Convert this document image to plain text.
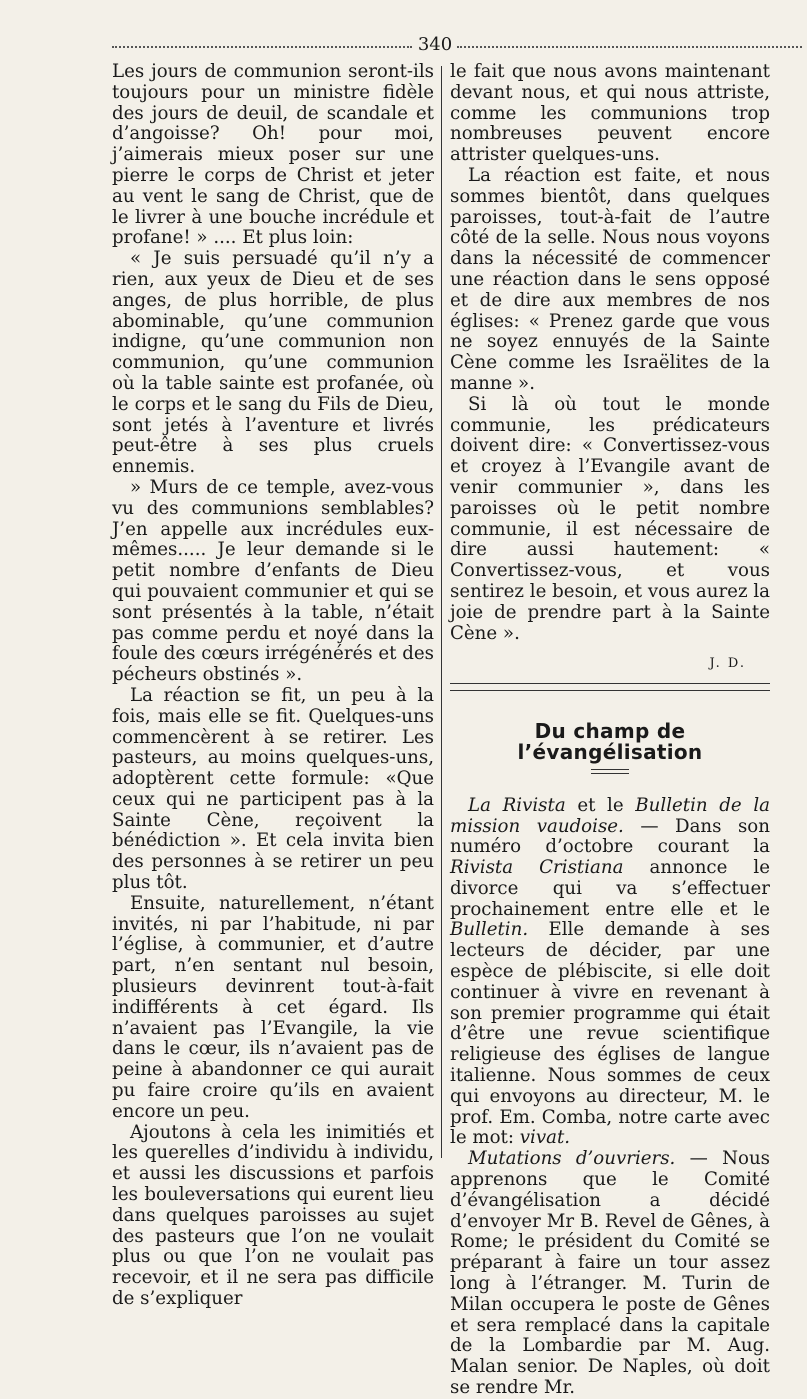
340

Les jours de communion seront-ils toujours pour un ministre fidèle des jours de deuil, de scandale et d’angoisse? Oh! pour moi, j’aimerais mieux poser sur une pierre le corps de Christ et jeter au vent le sang de Christ, que de le livrer à une bouche incrédule et profane! » .... Et plus loin:

« Je suis persuadé qu’il n’y a rien, aux yeux de Dieu et de ses anges, de plus horrible, de plus abominable, qu’une communion indigne, qu’une communion non communion, qu’une communion où la table sainte est profanée, où le corps et le sang du Fils de Dieu, sont jetés à l’aventure et livrés peut-être à ses plus cruels ennemis.

» Murs de ce temple, avez-vous vu des communions semblables? J’en appelle aux incrédules eux-mêmes..... Je leur demande si le petit nombre d’enfants de Dieu qui pouvaient communier et qui se sont présentés à la table, n’était pas comme perdu et noyé dans la foule des cœurs irrégénérés et des pécheurs obstinés ».

La réaction se fit, un peu à la fois, mais elle se fit. Quelques-uns commencèrent à se retirer. Les pasteurs, au moins quelques-uns, adoptèrent cette formule: «Que ceux qui ne participent pas à la Sainte Cène, reçoivent la bénédiction ». Et cela invita bien des personnes à se retirer un peu plus tôt.

Ensuite, naturellement, n’étant invités, ni par l’habitude, ni par l’église, à communier, et d’autre part, n’en sentant nul besoin, plusieurs devinrent tout-à-fait indifférents à cet égard. Ils n’avaient pas l’Evangile, la vie dans le cœur, ils n’avaient pas de peine à abandonner ce qui aurait pu faire croire qu’ils en avaient encore un peu.

Ajoutons à cela les inimitiés et les querelles d’individu à individu, et aussi les discussions et parfois les bouleversations qui eurent lieu dans quelques paroisses au sujet des pasteurs que l’on ne voulait plus ou que l’on ne voulait pas recevoir, et il ne sera pas difficile de s’expliquer

le fait que nous avons maintenant devant nous, et qui nous attriste, comme les communions trop nombreuses peuvent encore attrister quelques-uns.

La réaction est faite, et nous sommes bientôt, dans quelques paroisses, tout-à-fait de l’autre côté de la selle. Nous nous voyons dans la nécessité de commencer une réaction dans le sens opposé et de dire aux membres de nos églises: « Prenez garde que vous ne soyez ennuyés de la Sainte Cène comme les Israëlites de la manne ».

Si là où tout le monde communie, les prédicateurs doivent dire: « Convertissez-vous et croyez à l’Evangile avant de venir communier », dans les paroisses où le petit nombre communie, il est nécessaire de dire aussi hautement: « Convertissez-vous, et vous sentirez le besoin, et vous aurez la joie de prendre part à la Sainte Cène ».

J. D.
Du champ de l’évangélisation

La Rivista et le Bulletin de la mission vaudoise. — Dans son numéro d’octobre courant la Rivista Cristiana annonce le divorce qui va s’effectuer prochainement entre elle et le Bulletin. Elle demande à ses lecteurs de décider, par une espèce de plébiscite, si elle doit continuer à vivre en revenant à son premier programme qui était d’être une revue scientifique religieuse des églises de langue italienne. Nous sommes de ceux qui envoyons au directeur, M. le prof. Em. Comba, notre carte avec le mot: vivat.

Mutations d’ouvriers. — Nous apprenons que le Comité d’évangélisation a décidé d’envoyer Mr B. Revel de Gênes, à Rome; le président du Comité se préparant à faire un tour assez long à l’étranger. M. Turin de Milan occupera le poste de Gênes et sera remplacé dans la capitale de la Lombardie par M. Aug. Malan senior. De Naples, où doit se rendre Mr.
